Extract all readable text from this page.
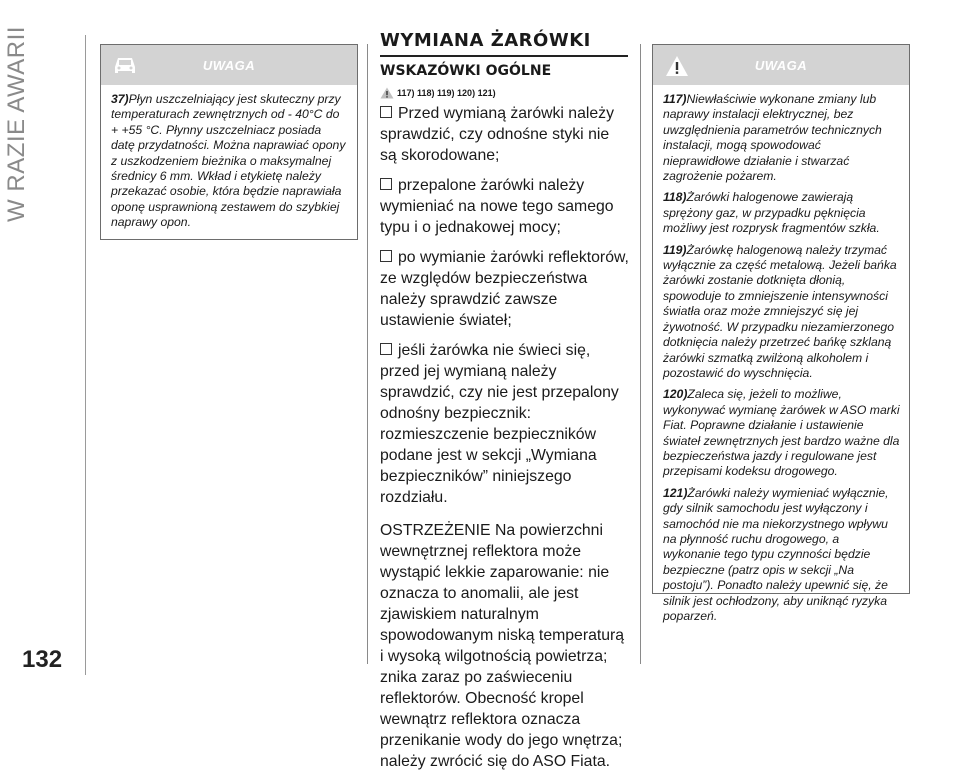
W RAZIE AWARII
132
UWAGA

37)Płyn uszczelniający jest skuteczny przy temperaturach zewnętrznych od - 40°C do + +55 °C. Płynny uszczelniacz posiada datę przydatności. Można naprawiać opony z uszkodzeniem bieżnika o maksymalnej średnicy 6 mm. Wkład i etykietę należy przekazać osobie, która będzie naprawiała oponę usprawnioną zestawem do szybkiej naprawy opon.

WYMIANA ŻARÓWKI
WSKAZÓWKI OGÓLNE
117) 118) 119) 120) 121)

Przed wymianą żarówki należy sprawdzić, czy odnośne styki nie są skorodowane;

przepalone żarówki należy wymieniać na nowe tego samego typu i o jednakowej mocy;

po wymianie żarówki reflektorów, ze względów bezpieczeństwa należy sprawdzić zawsze ustawienie świateł;

jeśli żarówka nie świeci się, przed jej wymianą należy sprawdzić, czy nie jest przepalony odnośny bezpiecznik: rozmieszczenie bezpieczników podane jest w sekcji „Wymiana bezpieczników” niniejszego rozdziału.

OSTRZEŻENIE Na powierzchni wewnętrznej reflektora może wystąpić lekkie zaparowanie: nie oznacza to anomalii, ale jest zjawiskiem naturalnym spowodowanym niską temperaturą i wysoką wilgotnością powietrza; znika zaraz po zaświeceniu reflektorów. Obecność kropel wewnątrz reflektora oznacza przenikanie wody do jego wnętrza; należy zwrócić się do ASO Fiata.

UWAGA

117)Niewłaściwie wykonane zmiany lub naprawy instalacji elektrycznej, bez uwzględnienia parametrów technicznych instalacji, mogą spowodować nieprawidłowe działanie i stwarzać zagrożenie pożarem.

118)Żarówki halogenowe zawierają sprężony gaz, w przypadku pęknięcia możliwy jest rozprysk fragmentów szkła.

119)Żarówkę halogenową należy trzymać wyłącznie za część metalową. Jeżeli bańka żarówki zostanie dotknięta dłonią, spowoduje to zmniejszenie intensywności światła oraz może zmniejszyć się jej żywotność. W przypadku niezamierzonego dotknięcia należy przetrzeć bańkę szklaną żarówki szmatką zwilżoną alkoholem i pozostawić do wyschnięcia.

120)Zaleca się, jeżeli to możliwe, wykonywać wymianę żarówek w ASO marki Fiat. Poprawne działanie i ustawienie świateł zewnętrznych jest bardzo ważne dla bezpieczeństwa jazdy i regulowane jest przepisami kodeksu drogowego.

121)Żarówki należy wymieniać wyłącznie, gdy silnik samochodu jest wyłączony i samochód nie ma niekorzystnego wpływu na płynność ruchu drogowego, a wykonanie tego typu czynności będzie bezpieczne (patrz opis w sekcji „Na postoju”). Ponadto należy upewnić się, że silnik jest ochłodzony, aby uniknąć ryzyka poparzeń.
